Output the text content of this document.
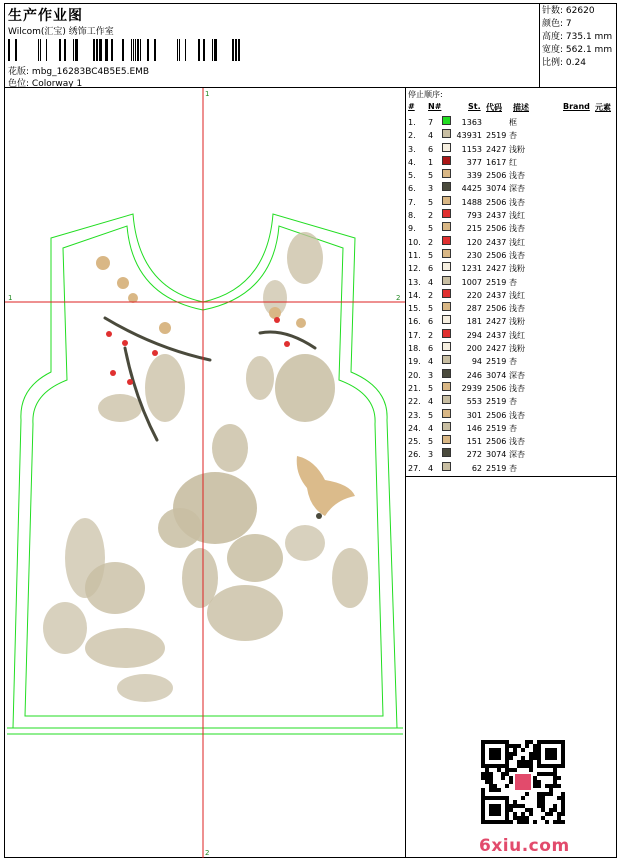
生产作业图
Wilcom(汇宝) 绣饰工作室
花版: mbg_16283BC4B5E5.EMB
色位: Colorway 1
针数: 62620
颜色: 7
高度: 735.1 mm
宽度: 562.1 mm
比例: 0.24
1	2
1
2
停止顺序:
# N#	St. 代码 描述	Brand 元素
1. 7	1363	框
2. 4	43931 2519 杏
3. 6	1153 2427 浅粉
4. 1	377 1617 红
5. 5	339 2506 浅杏
6. 3	4425 3074 深杏
7. 5	1488 2506 浅杏
8. 2	793 2437 浅红
9. 5	215 2506 浅杏
10. 2	120 2437 浅红
11. 5	230 2506 浅杏
12. 6	1231 2427 浅粉
13. 4	1007 2519 杏
14. 2	220 2437 浅红
15. 5	287 2506 浅杏
16. 6	181 2427 浅粉
17. 2	294 2437 浅红
18. 6	200 2427 浅粉
19. 4	94 2519 杏
20. 3	246 3074 深杏
21. 5	2939 2506 浅杏
22. 4	553 2519 杏
23. 5	301 2506 浅杏
24. 4	146 2519 杏
25. 5	151 2506 浅杏
26. 3	272 3074 深杏
27. 4	62 2519 杏
6xiu.com
